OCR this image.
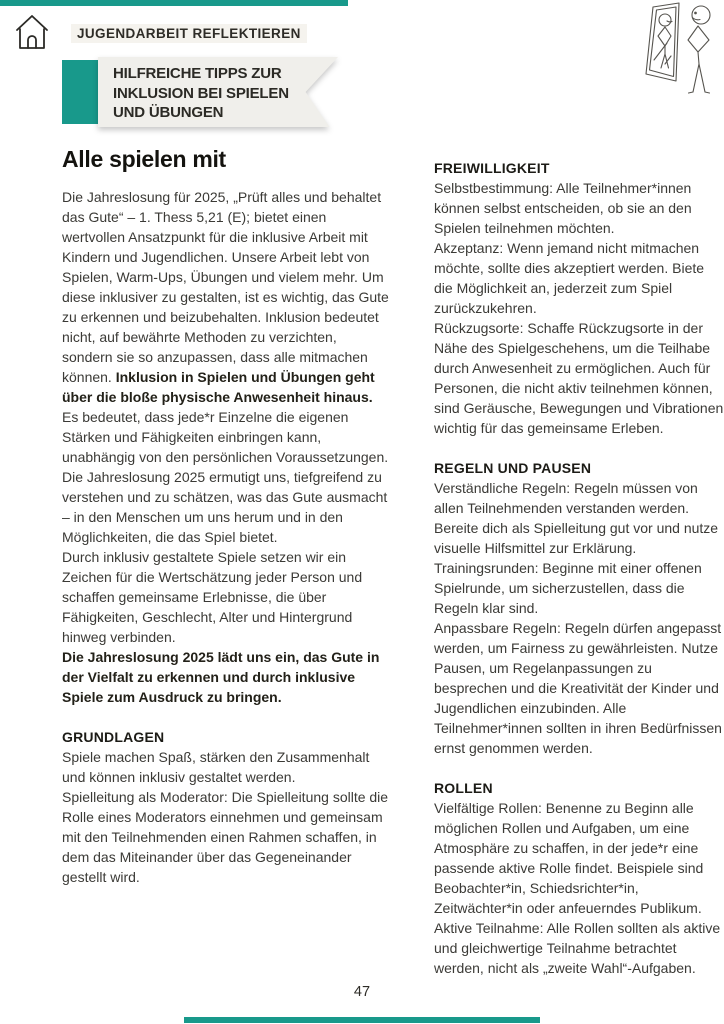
JUGENDARBEIT REFLEKTIEREN
HILFREICHE TIPPS ZUR
INKLUSION BEI SPIELEN
UND ÜBUNGEN
Alle spielen mit

Die Jahreslosung für 2025, „Prüft alles und behaltet das Gute“ – 1. Thess 5,21 (E); bietet einen wertvollen Ansatzpunkt für die inklusive Arbeit mit Kindern und Jugendlichen. Unsere Arbeit lebt von Spielen, Warm-Ups, Übungen und vielem mehr. Um diese inklusiver zu gestalten, ist es wichtig, das Gute zu erkennen und beizubehalten. Inklusion bedeutet nicht, auf bewährte Methoden zu verzichten, sondern sie so anzupassen, dass alle mitmachen können. Inklusion in Spielen und Übungen geht über die bloße physische Anwesenheit hinaus. Es bedeutet, dass jede*r Einzelne die eigenen Stärken und Fähigkeiten einbringen kann, unabhängig von den persönlichen Voraussetzungen. Die Jahreslosung 2025 ermutigt uns, tiefgreifend zu verstehen und zu schätzen, was das Gute ausmacht – in den Menschen um uns herum und in den Möglichkeiten, die das Spiel bietet.
Durch inklusiv gestaltete Spiele setzen wir ein Zeichen für die Wertschätzung jeder Person und schaffen gemeinsame Erlebnisse, die über Fähigkeiten, Geschlecht, Alter und Hintergrund hinweg verbinden.
Die Jahreslosung 2025 lädt uns ein, das Gute in der Vielfalt zu erkennen und durch inklusive Spiele zum Ausdruck zu bringen.

GRUNDLAGEN

Spiele machen Spaß, stärken den Zusammenhalt und können inklusiv gestaltet werden.

Spielleitung als Moderator: Die Spielleitung sollte die Rolle eines Moderators einnehmen und gemeinsam mit den Teilnehmenden einen Rahmen schaffen, in dem das Miteinander über das Gegeneinander gestellt wird.

FREIWILLIGKEIT

Selbstbestimmung: Alle Teilnehmer*innen können selbst entscheiden, ob sie an den Spielen teilnehmen möchten.

Akzeptanz: Wenn jemand nicht mitmachen möchte, sollte dies akzeptiert werden. Biete die Möglichkeit an, jederzeit zum Spiel zurückzukehren.

Rückzugsorte: Schaffe Rückzugsorte in der Nähe des Spielgeschehens, um die Teilhabe durch Anwesenheit zu ermöglichen. Auch für Personen, die nicht aktiv teilnehmen können, sind Geräusche, Bewegungen und Vibrationen wichtig für das gemeinsame Erleben.

REGELN UND PAUSEN

Verständliche Regeln: Regeln müssen von allen Teilnehmenden verstanden werden. Bereite dich als Spielleitung gut vor und nutze visuelle Hilfsmittel zur Erklärung.

Trainingsrunden: Beginne mit einer offenen Spielrunde, um sicherzustellen, dass die Regeln klar sind.

Anpassbare Regeln: Regeln dürfen angepasst werden, um Fairness zu gewährleisten. Nutze Pausen, um Regelanpassungen zu besprechen und die Kreativität der Kinder und Jugendlichen einzubinden. Alle Teilnehmer*innen sollten in ihren Bedürfnissen ernst genommen werden.

ROLLEN

Vielfältige Rollen: Benenne zu Beginn alle möglichen Rollen und Aufgaben, um eine Atmosphäre zu schaffen, in der jede*r eine passende aktive Rolle findet. Beispiele sind Beobachter*in, Schiedsrichter*in, Zeitwächter*in oder anfeuerndes Publikum.

Aktive Teilnahme: Alle Rollen sollten als aktive und gleichwertige Teilnahme betrachtet werden, nicht als „zweite Wahl“-Aufgaben.

47
